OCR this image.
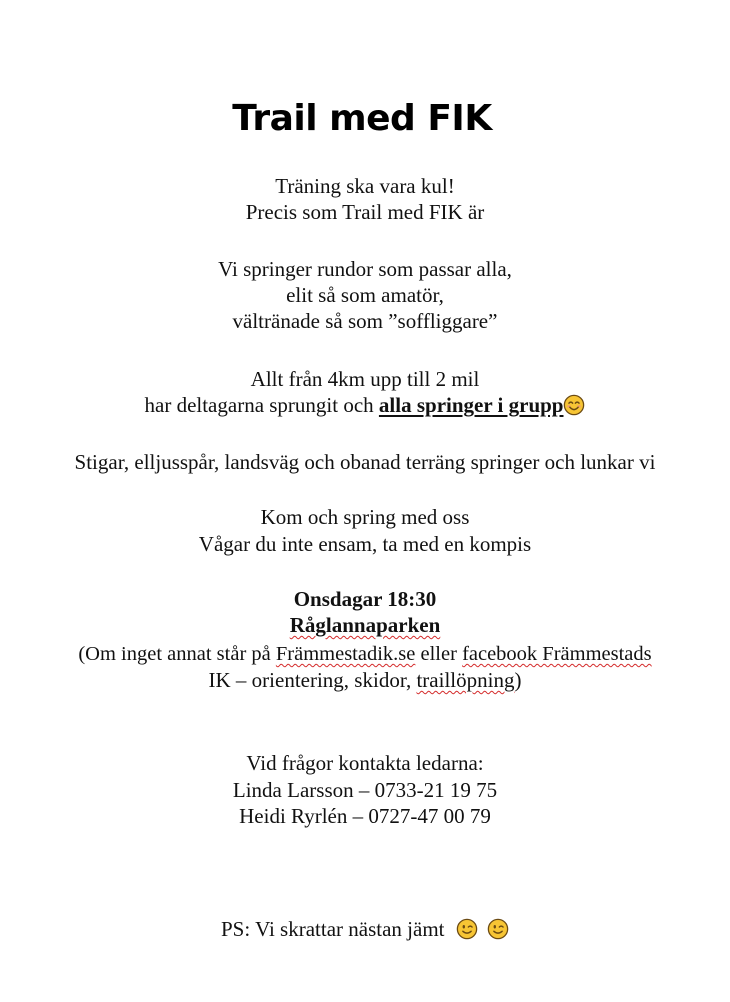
Trail med FIK
Träning ska vara kul!
Precis som Trail med FIK är
Vi springer rundor som passar alla,
elit så som amatör,
vältränade så som ”soffliggare”
Allt från 4km upp till 2 mil
har deltagarna sprungit och alla springer i grupp
Stigar, elljusspår, landsväg och obanad terräng springer och lunkar vi
Kom och spring med oss
Vågar du inte ensam, ta med en kompis
Onsdagar 18:30
Råglannaparken
(Om inget annat står på Främmestadik.se eller facebook Främmestads
IK – orientering, skidor, traillöpning)
Vid frågor kontakta ledarna:
Linda Larsson – 0733-21 19 75
Heidi Ryrlén – 0727-47 00 79
PS: Vi skrattar nästan jämt
